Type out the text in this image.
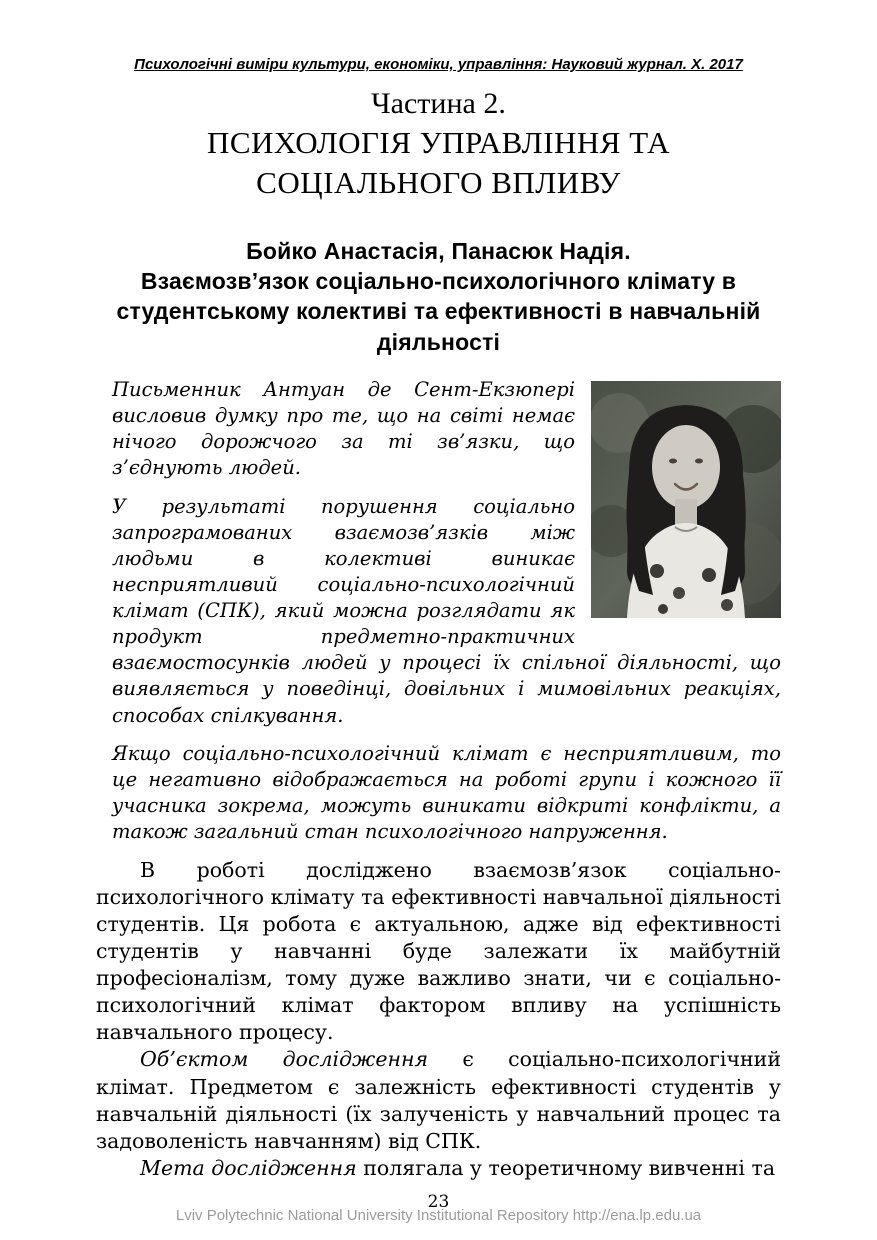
Психологічні виміри культури, економіки, управління: Науковий журнал. Х. 2017
Частина 2.
ПСИХОЛОГІЯ УПРАВЛІННЯ ТА
СОЦІАЛЬНОГО ВПЛИВУ
Бойко Анастасія, Панасюк Надія.
Взаємозв’язок соціально-психологічного клімату в студентському колективі та ефективності в навчальній діяльності

Письменник Антуан де Сент-Екзюпері висловив думку про те, що на світі немає нічого дорожчого за ті зв’язки, що з’єднують людей.

У результаті порушення соціально запрограмованих взаємозв’язків між людьми в колективі виникає несприятливий соціально-психологічний клімат (СПК), який можна розглядати як продукт предметно-практичних взаємостосунків людей у процесі їх спільної діяльності, що виявляється у поведінці, довільних і мимовільних реакціях, способах спілкування.

Якщо соціально-психологічний клімат є несприятливим, то це негативно відображається на роботі групи і кожного її учасника зокрема, можуть виникати відкриті конфлікти, а також загальний стан психологічного напруження.

В роботі досліджено взаємозв’язок соціально-психологічного клімату та ефективності навчальної діяльності студентів. Ця робота є актуальною, адже від ефективності студентів у навчанні буде залежати їх майбутній професіоналізм, тому дуже важливо знати, чи є соціально-психологічний клімат фактором впливу на успішність навчального процесу.

Об’єктом дослідження є соціально-психологічний клімат. Предметом є залежність ефективності студентів у навчальній діяльності (їх залученість у навчальний процес та задоволеність навчанням) від СПК.

Мета дослідження полягала у теоретичному вивченні та

23
Lviv Polytechnic National University Institutional Repository http://ena.lp.edu.ua
